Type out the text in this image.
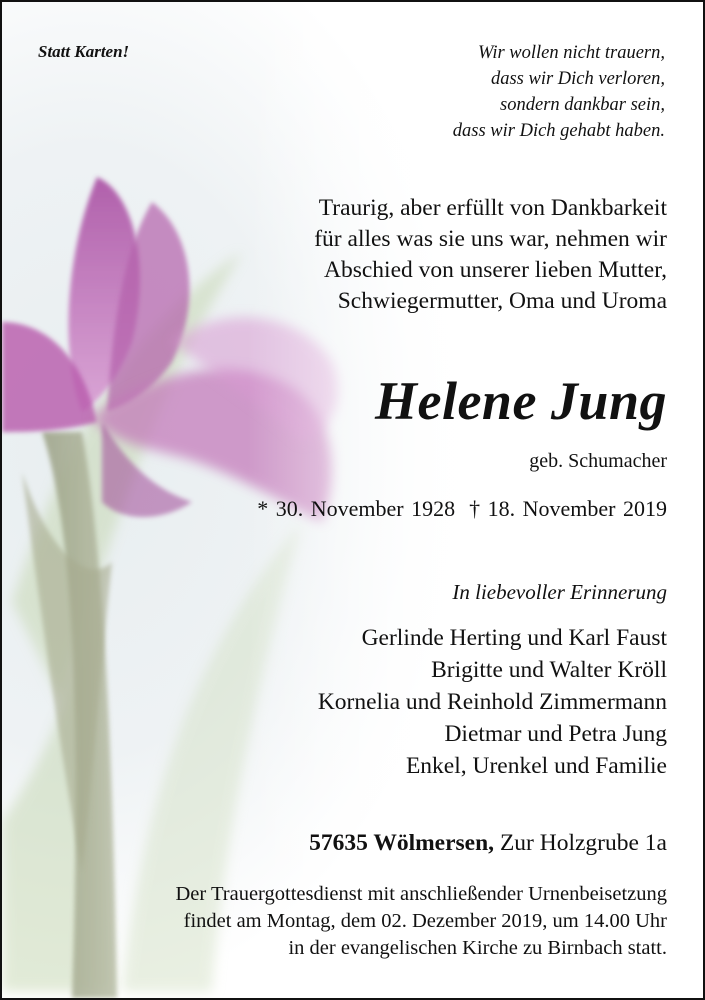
Statt Karten!	Wir wollen nicht trauern,
dass wir Dich verloren,
sondern dankbar sein,
dass wir Dich gehabt haben.
Traurig, aber erfüllt von Dankbarkeit
für alles was sie uns war, nehmen wir
Abschied von unserer lieben Mutter,
Schwiegermutter, Oma und Uroma
Helene Jung
geb. Schumacher
* 30. November 1928 † 18. November 2019
In liebevoller Erinnerung
Gerlinde Herting und Karl Faust
Brigitte und Walter Kröll
Kornelia und Reinhold Zimmermann
Dietmar und Petra Jung
Enkel, Urenkel und Familie
57635 Wölmersen, Zur Holzgrube 1a
Der Trauergottesdienst mit anschließender Urnenbeisetzung
findet am Montag, dem 02. Dezember 2019, um 14.00 Uhr
in der evangelischen Kirche zu Birnbach statt.
